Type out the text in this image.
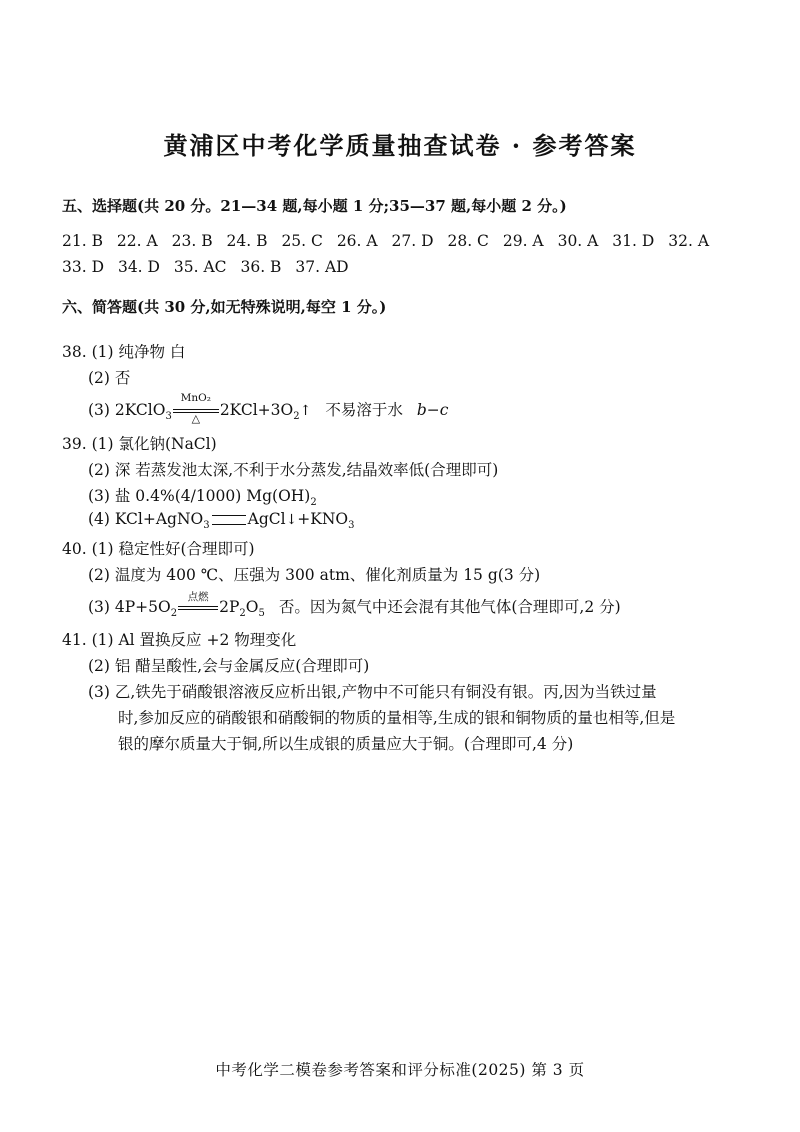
黄浦区中考化学质量抽查试卷 · 参考答案
五、选择题(共 20 分。21—34 题,每小题 1 分;35—37 题,每小题 2 分。)
21. B 22. A 23. B 24. B 25. C 26. A 27. D 28. C 29. A 30. A 31. D 32. A
33. D 34. D 35. AC 36. B 37. AD
六、简答题(共 30 分,如无特殊说明,每空 1 分。)
38. (1) 纯净物 白
(2) 否
(3) 2KClO$_3$
MnO₂
△	$2KCl+3O_2↑$ 不易溶于水 b−c
39. (1) 氯化钠(NaCl)
(2) 深 若蒸发池太深,不利于水分蒸发,结晶效率低(合理即可)
(3) 盐 0.4%(4/1000) $Mg(OH)_2$
(4) KCl+AgNO$_3$ $AgCl↓+KNO_3$
40. (1) 稳定性好(合理即可)
(2) 温度为 400 ℃、压强为 300 atm、催化剂质量为 15 g(3 分)
(3) $4P+5O_2$
点燃
$2P_2O_5$ 否。因为氮气中还会混有其他气体(合理即可,2 分)
41. (1) Al 置换反应 +2 物理变化
(2) 铝 醋呈酸性,会与金属反应(合理即可)
(3) 乙,铁先于硝酸银溶液反应析出银,产物中不可能只有铜没有银。丙,因为当铁过量
时,参加反应的硝酸银和硝酸铜的物质的量相等,生成的银和铜物质的量也相等,但是
银的摩尔质量大于铜,所以生成银的质量应大于铜。(合理即可,4 分)
中考化学二模卷参考答案和评分标准(2025) 第 3 页
